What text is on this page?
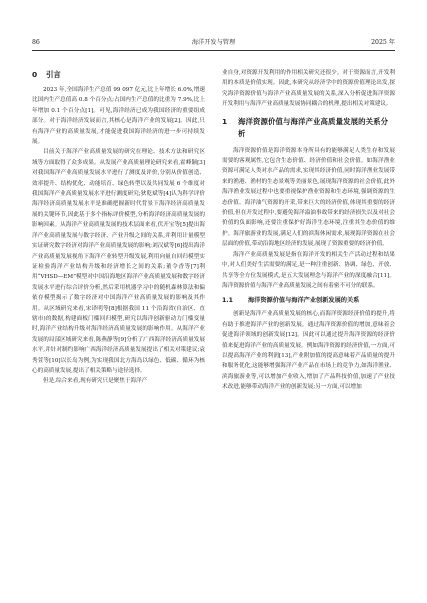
86	海洋开发与管理	2025 年
0 引言

2023 年,全国海洋生产总值 99 097 亿元,比上年增长 6.0%,增速比国内生产总值高 0.8 个百分点;占国内生产总值的比重为 7.9%,比上年增加 0.1 个百分点[1]。可见,海洋经济已成为我国经济的重要组成部分。对于海洋经济发展而言,其核心是海洋产业的发展[2]。因此,只有海洋产业的高质量发展,才能促进我国海洋经济的进一步可持续发展。

目前关于海洋产业高质量发展的研究在理论、技术方法和研究区域等方面取得了众多成果。从发展产业高质量理论研究来看,霍峰颖[3]对我国海洋产业高质量发展水平进行了测度及评价,分别从价值创造、效率提升、结构优化、动能培育、绿色转型以及共同发展 6 个维度对我国海洋产业高质量发展水平进行测度研究;狄乾斌等[4]认为科学评价海洋经济高质量发展水平是准确把握新时代背景下海洋经济高质量发展的关键环节,因此基于多个指标评价模型,分析海洋经济高质量发展的影响因素。从海洋产业高质量发展的技术层面来看,伏开宝等[5]提出海洋产业高质量发展与数字经济、产业升级之间的关系,并利用计量模型实证研究数字经济对海洋产业高质量发展的影响;刘汉斌等[6]提出海洋产业高质量发展视角下海洋产业转型升级发展,利用向量自回归模型实证检验海洋产业结构升级和经济增长之间的关系;董令香等[7]利用“VHSD—EM”模型对中国沿海地区海洋产业高质量发展和数字经济发展水平进行综合评价分析,然后采用机器学习中的随机森林算法和偏依存模型揭示了数字经济对中国海洋产业高质量发展的影响及其作用。从区域研究来看,宋译明等[8]根据我国 11 个沿海省(自治区、直辖市)的数据,构建面板门槛回归模型,研究以海洋创新驱动力门槛变量时,海洋产业结构升级对海洋经济高质量发展的影响作用。从海洋产业发展的局部区域研究来看,陈燕静等[9]分析了广西海洋经济高质量发展水平,并针对制约影响广西海洋经济高质量发展提出了相关对策建议;袁秀萱等[10]以长岛为例,为实现我国北方海岛以绿色、低碳、循环为核心的高质量发展,提出了相关策略与途径选择。

但是,综合来看,现有研究只是聚焦于海洋产

业自身,对资源开发利用的作用相关研究还很少。对于资源而言,开发利用的本质是价值实现。因此,本研究从经济学中的资源价值理论出发,探究海洋资源价值与海洋产业高质量发展的关系,深入分析促进海洋资源开发利用与海洋产业高质量发展协同耦合的机理,提出相关对策建议。

1 海洋资源价值与海洋产业高质量发展的关系分析

海洋资源价值是海洋资源本身所具有的能够满足人类生存和发展需要的客观属性,它包含生态价值、经济价值和社会价值。如海洋渔业资源可满足人类对水产品的需求,实现其经济价值,同时海洋渔业发展带来的渔港、渔村的生态景观等美丽景色,展现海洋资源的社会价值,此外海洋渔业发展过程中也要重视保护渔业资源和生态环境,强调资源的生态价值。海洋油气资源的开采,带来巨大的经济价值,体现其重要的经济价值,但在开发过程中,要避免海洋溢油事故带来的经济损失以及对社会价值的负面影响,还要注重保护好海洋生态环境,注重其生态价值的维护。海洋旅游业的发展,满足人们的滨海休闲需求,展现海洋资源在社会层面的价值,带动沿海地区经济的发展,展现了资源重要的经济价值。

海洋产业高质量发展是指在海洋开发的相关生产活动过程和结果中,对人们美好生活需要的满足,是一种注重创新、协调、绿色、开放、共享等全方位发展模式,是五大发展理念与海洋产业的深度融合[11]。海洋资源价值与海洋产业高质量发展之间有着密不可分的联系。

1.1 海洋资源价值与海洋产业创新发展的关系

创新是海洋产业高质量发展的核心,而海洋资源经济价值的提升,将有助于推进海洋产业的创新发展。通过海洋资源价值的增加,意味着会促进海洋领域的创新发展[12]。因此可以通过提升海洋资源的经济价值来促进海洋产业的高质量发展。例如海洋资源的经济价值,一方面,可以提高海洋产业的利润[13],产业附加值的提高意味着产品质量的提升和服务优化,这能够增强海洋产业产品在市场上的竞争力,如海洋渔业、滨海旅游业等,可以增加产业收入,增加了产品科技价值,加速了产业技术改进,能够带动海洋产业的创新发展;另一方面,可以增加
